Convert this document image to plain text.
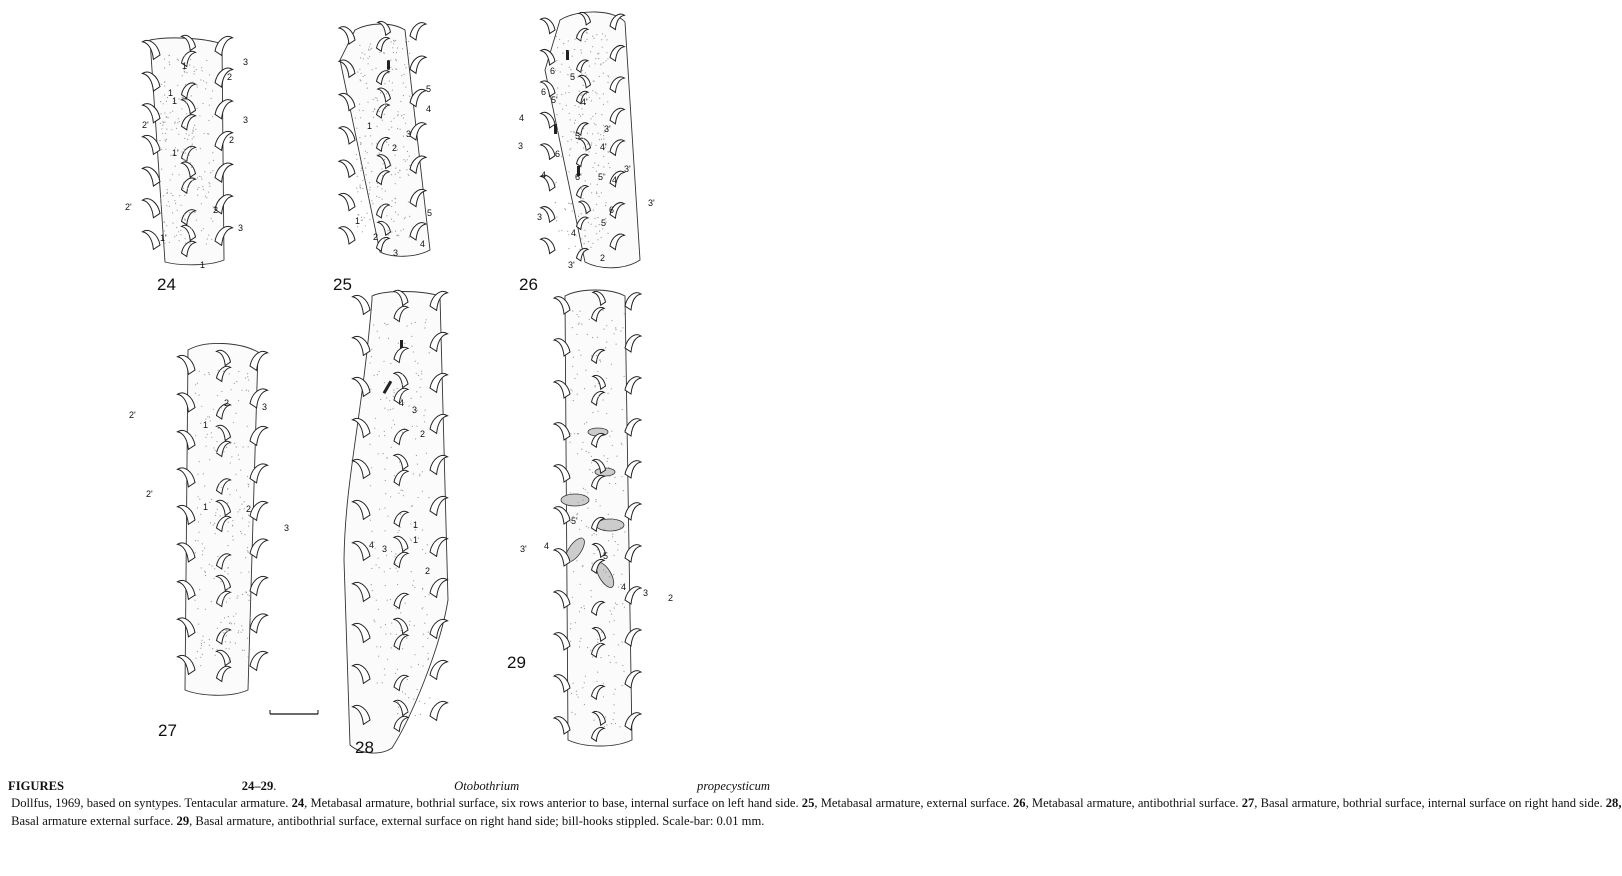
1
2
3
1
2
3
2'
1
2'
1'
2
3
1'
1
5
4
1
2
3
1
2
3
4
5
6
5
6
5'	4'
4
3
6
5
3'
4'
3'
4	6' 5' 4'
3
6
5
4
3'
2
3'
2'
2	3
1
2'
1	2
3
4
3
2
1
4 3
1
2
3' 4
5'
5
4
3 2
24	25	26
27
28
29
FIGURES 24–29. Otobothrium propecysticum Dollfus, 1969, based on syntypes. Tentacular armature. 24, Metabasal armature, bothrial surface, six rows anterior to base, internal surface on left hand side. 25, Metabasal armature, external surface. 26, Metabasal armature, antibothrial surface. 27, Basal armature, bothrial surface, internal surface on right hand side. 28, Basal armature external surface. 29, Basal armature, antibothrial surface, external surface on right hand side; bill-hooks stippled. Scale-bar: 0.01 mm.
